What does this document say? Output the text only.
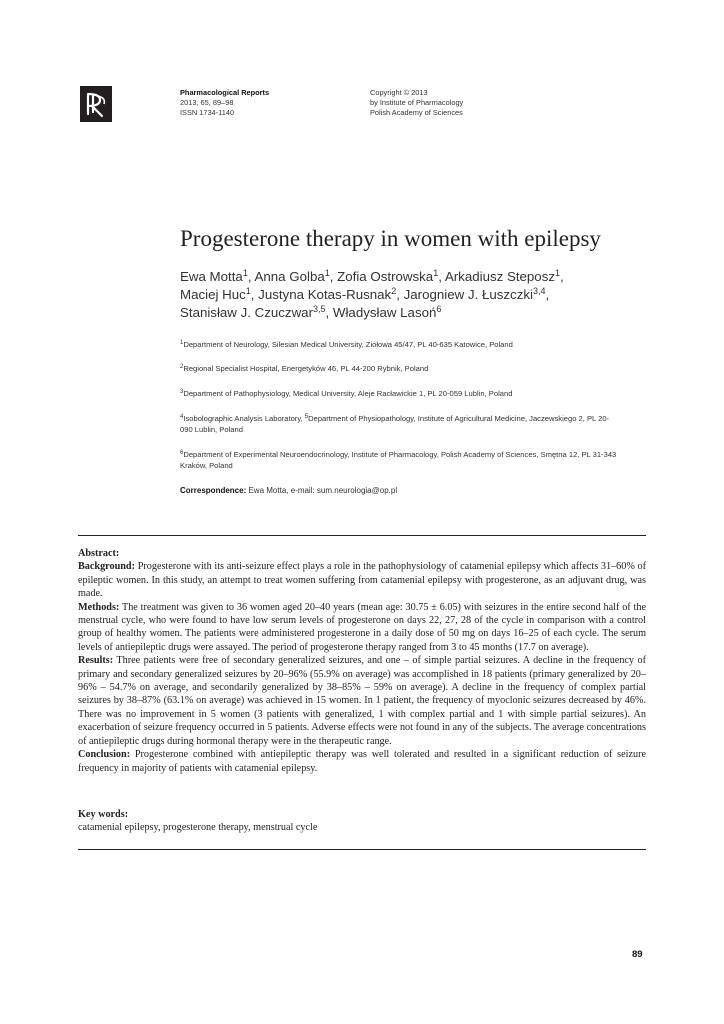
Pharmacological Reports
2013, 65, 89–98
ISSN 1734-1140
Copyright © 2013
by Institute of Pharmacology
Polish Academy of Sciences
Progesterone therapy in women with epilepsy
Ewa Motta$^1$, Anna Golba$^1$, Zofia Ostrowska$^1$, Arkadiusz Steposz$^1$,
Maciej Huc$^1$, Justyna Kotas-Rusnak$^2$, Jarogniew J. Łuszczki$^{3,4}$,
Stanisław J. Czuczwar$^{3,5}$, Władysław Lasoń$^6$
$^1$Department of Neurology, Silesian Medical University, Ziołowa 45/47, PL 40-635 Katowice, Poland
$^2$Regional Specialist Hospital, Energetyków 46, PL 44-200 Rybnik, Poland
$^3$Department of Pathophysiology, Medical University, Aleje Racławickie 1, PL 20-059 Lublin, Poland
$^4$Isobolographic Analysis Laboratory, $^5$Department of Physiopathology, Institute of Agricultural Medicine, Jaczewskiego 2, PL 20-090 Lublin, Poland
$^6$Department of Experimental Neuroendocrinology, Institute of Pharmacology, Polish Academy of Sciences, Smętna 12, PL 31-343 Kraków, Poland
Correspondence: Ewa Motta, e-mail: sum.neurologia@op.pl

Abstract:

Background: Progesterone with its anti-seizure effect plays a role in the pathophysiology of catamenial epilepsy which affects 31–60% of epileptic women. In this study, an attempt to treat women suffering from catamenial epilepsy with progesterone, as an adjuvant drug, was made.

Methods: The treatment was given to 36 women aged 20–40 years (mean age: 30.75 ± 6.05) with seizures in the entire second half of the menstrual cycle, who were found to have low serum levels of progesterone on days 22, 27, 28 of the cycle in comparison with a control group of healthy women. The patients were administered progesterone in a daily dose of 50 mg on days 16–25 of each cycle. The serum levels of antiepileptic drugs were assayed. The period of progesterone therapy ranged from 3 to 45 months (17.7 on average).

Results: Three patients were free of secondary generalized seizures, and one – of simple partial seizures. A decline in the frequency of primary and secondary generalized seizures by 20–96% (55.9% on average) was accomplished in 18 patients (primary generalized by 20–96% – 54.7% on average, and secondarily generalized by 38–85% – 59% on average). A decline in the frequency of complex partial seizures by 38–87% (63.1% on average) was achieved in 15 women. In 1 patient, the frequency of myoclonic seizures decreased by 46%. There was no improvement in 5 women (3 patients with generalized, 1 with complex partial and 1 with simple partial seizures). An exacerbation of seizure frequency occurred in 5 patients. Adverse effects were not found in any of the subjects. The average concentrations of antiepileptic drugs during hormonal therapy were in the therapeutic range.

Conclusion: Progesterone combined with antiepileptic therapy was well tolerated and resulted in a significant reduction of seizure frequency in majority of patients with catamenial epilepsy.

Key words:
catamenial epilepsy, progesterone therapy, menstrual cycle
89
